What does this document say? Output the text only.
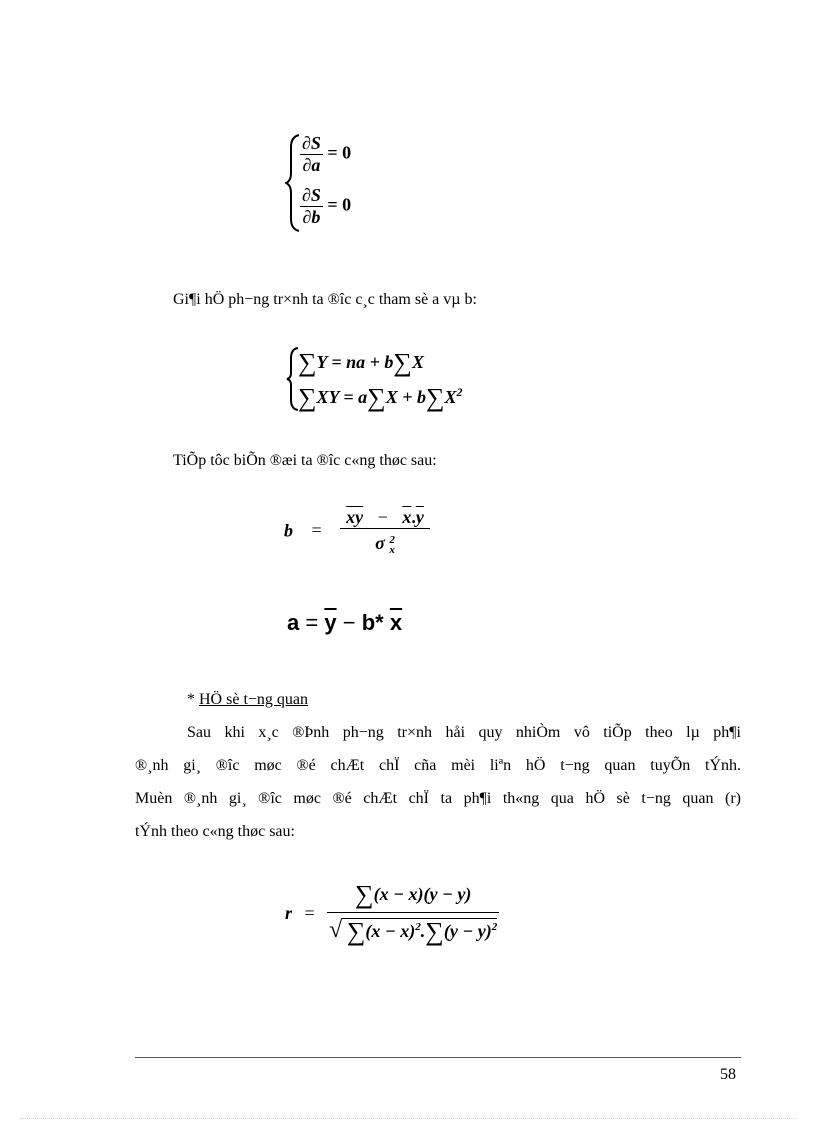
$\frac{\partial S}{\partial a} = 0$
$\frac{\partial S}{\partial b} = 0$
Gi¶i hÖ ph−ng tr×nh ta ®îc c¸c tham sè a vµ b:
∑Y = na + b∑X
$\sum XY = a\sum X + b\sum X^2$
TiÕp tôc biÕn ®æi ta ®îc c«ng thøc sau:
$b = \overline{xy} - \overline{x}.\overline{y}$
σ 2
x
$a = \overline{y} - b*$ $\overline{x}$
* HÖ sè t−ng quan
Sau khi x¸c ®Þnh ph−ng tr×nh håi quy nhiÒm vô tiÕp theo lµ ph¶i
®¸nh gi¸ ®îc møc ®é chÆt chÏ cña mèi liªn hÖ t−ng quan tuyÕn tÝnh.
Muèn ®¸nh gi¸ ®îc møc ®é chÆt chÏ ta ph¶i th«ng qua hÖ sè t−ng quan (r)
tÝnh theo c«ng thøc sau:
$r = \frac{\sum(x - x)(y - y)}{√ \sum(x - x)^2.\sum(y - y)^2}$
58
